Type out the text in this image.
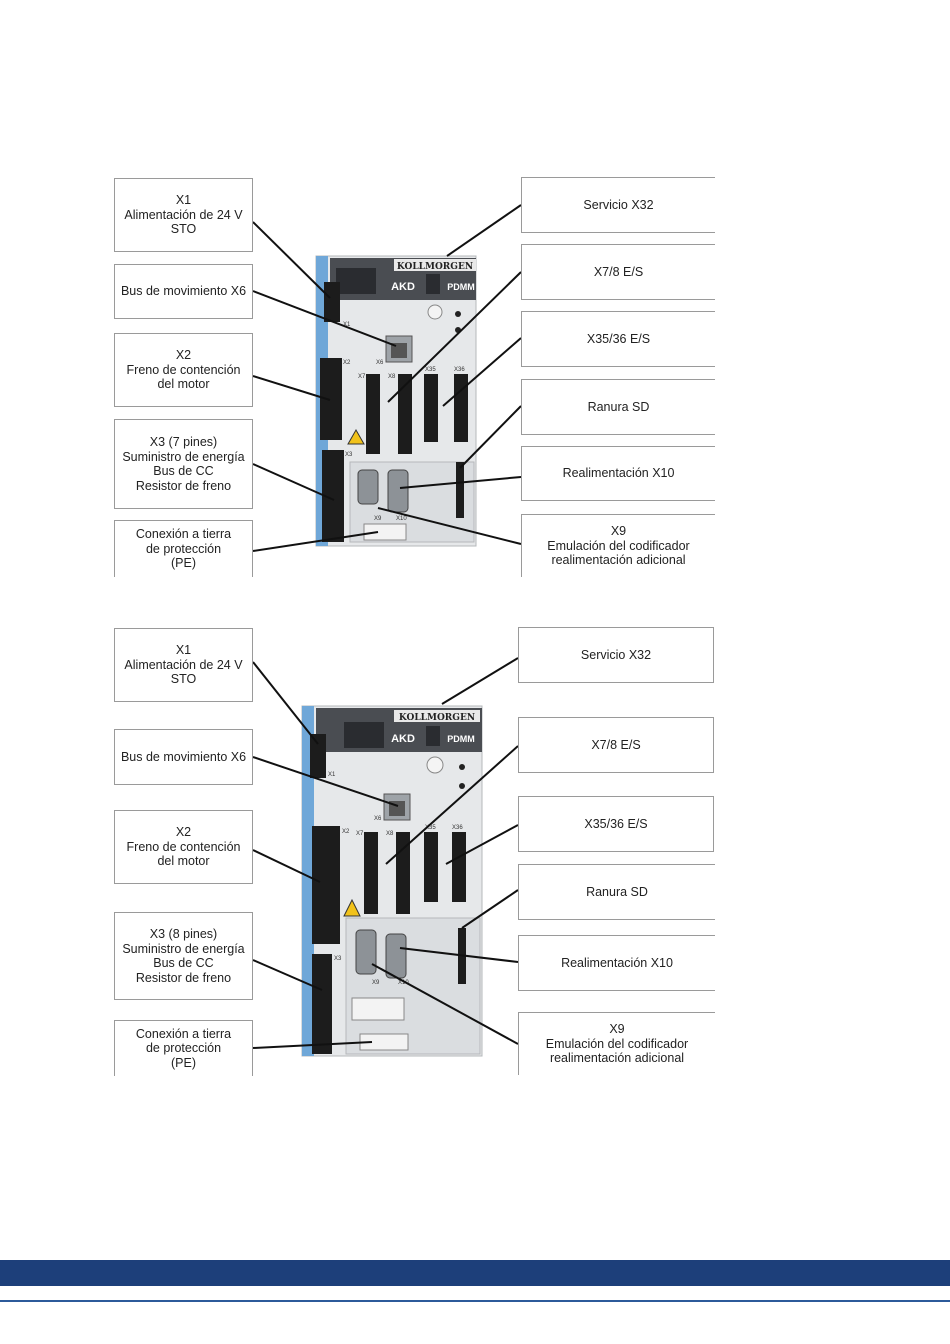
KOLLMORGEN
AKD	PDMM
X1
X6
X2
X7	X8
X35	X36
X3
X9 X10
X1
Alimentación de 24 V
STO
Bus de movimiento X6
X2
Freno de contención
del motor
X3 (7 pines)
Suministro de energía
Bus de CC
Resistor de freno
Conexión a tierra
de protección
(PE)
Servicio X32
X7/8 E/S
X35/36 E/S
Ranura SD
Realimentación X10
X9
Emulación del codificador
realimentación adicional
KOLLMORGEN
AKD	PDMM
X1
X6
X2 X7	X8
X35	X36
X3
X9	X10
X1
Alimentación de 24 V
STO
Bus de movimiento X6
X2
Freno de contención
del motor
X3 (8 pines)
Suministro de energía
Bus de CC
Resistor de freno
Conexión a tierra
de protección
(PE)
Servicio X32
X7/8 E/S
X35/36 E/S
Ranura SD
Realimentación X10
X9
Emulación del codificador
realimentación adicional
